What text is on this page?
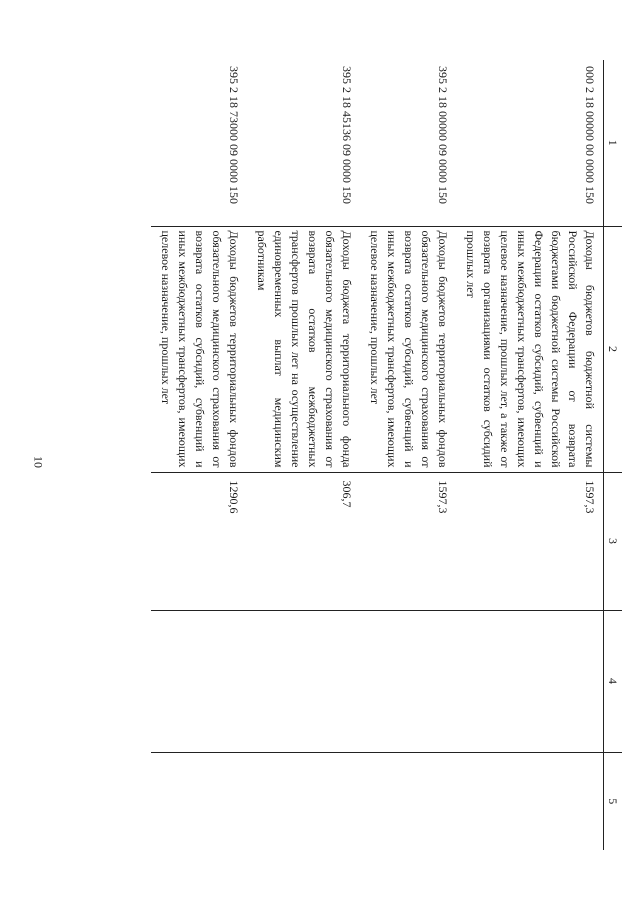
10
1	2	3	4	5
000 2 18 00000 00 0000 150	Доходы бюджетов бюджетной системы Российской Федерации от возврата бюджетами бюджетной системы Российской Федерации остатков субсидий, субвенций и иных межбюджетных трансфертов, имеющих целевое назначение, прошлых лет, а также от возврата организациями остатков субсидий прошлых лет	1597,3		
395 2 18 00000 09 0000 150	Доходы бюджетов территориальных фондов обязательного медицинского страхования от возврата остатков субсидий, субвенций и иных межбюджетных трансфертов, имеющих целевое назначение, прошлых лет	1597,3		
395 2 18 45136 09 0000 150	Доходы бюджета территориального фонда обязательного медицинского страхования от возврата остатков межбюджетных трансфертов прошлых лет на осуществление единовременных выплат медицинским работникам	306,7		
395 2 18 73000 09 0000 150	Доходы бюджетов территориальных фондов обязательного медицинского страхования от возврата остатков субсидий, субвенций и иных межбюджетных трансфертов, имеющих целевое назначение, прошлых лет	1290,6		
